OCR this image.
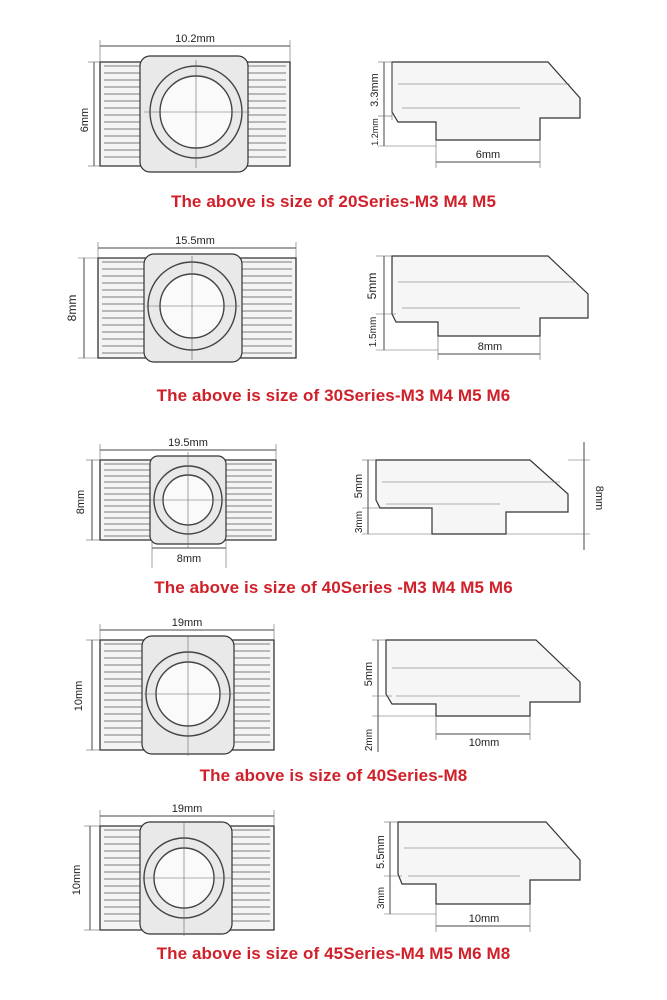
10.2mm
6mm
3.3mm
1.2mm
6mm
The above is size of 20Series-M3 M4 M5
15.5mm
8mm
5mm
1.5mm	8mm
The above is size of 30Series-M3 M4 M5 M6
19.5mm
8mm
8mm
5mm
3mm
8mm
The above is size of 40Series -M3 M4 M5 M6
19mm
10mm
5mm
2mm	10mm
The above is size of 40Series-M8
19mm
10mm
5.5mm
3mm
10mm
The above is size of 45Series-M4 M5 M6 M8
